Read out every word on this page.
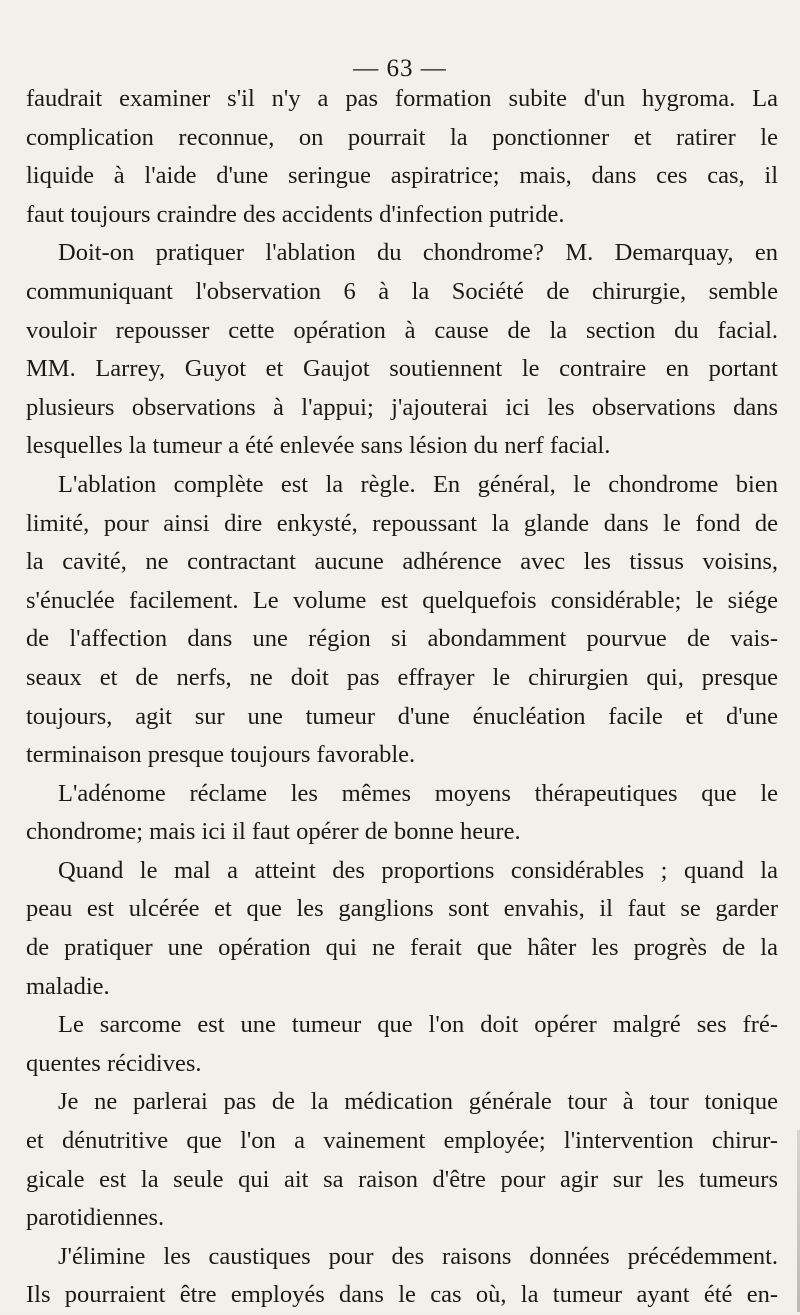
— 63 —
faudrait examiner s'il n'y a pas formation subite d'un hygroma. La
complication reconnue, on pourrait la ponctionner et ratirer le
liquide à l'aide d'une seringue aspiratrice; mais, dans ces cas, il
faut toujours craindre des accidents d'infection putride.
Doit-on pratiquer l'ablation du chondrome? M. Demarquay, en
communiquant l'observation 6 à la Société de chirurgie, semble
vouloir repousser cette opération à cause de la section du facial.
MM. Larrey, Guyot et Gaujot soutiennent le contraire en portant
plusieurs observations à l'appui; j'ajouterai ici les observations dans
lesquelles la tumeur a été enlevée sans lésion du nerf facial.
L'ablation complète est la règle. En général, le chondrome bien
limité, pour ainsi dire enkysté, repoussant la glande dans le fond de
la cavité, ne contractant aucune adhérence avec les tissus voisins,
s'énuclée facilement. Le volume est quelquefois considérable; le siége
de l'affection dans une région si abondamment pourvue de vais-
seaux et de nerfs, ne doit pas effrayer le chirurgien qui, presque
toujours, agit sur une tumeur d'une énucléation facile et d'une
terminaison presque toujours favorable.
L'adénome réclame les mêmes moyens thérapeutiques que le
chondrome; mais ici il faut opérer de bonne heure.
Quand le mal a atteint des proportions considérables ; quand la
peau est ulcérée et que les ganglions sont envahis, il faut se garder
de pratiquer une opération qui ne ferait que hâter les progrès de la
maladie.
Le sarcome est une tumeur que l'on doit opérer malgré ses fré-
quentes récidives.
Je ne parlerai pas de la médication générale tour à tour tonique
et dénutritive que l'on a vainement employée; l'intervention chirur-
gicale est la seule qui ait sa raison d'être pour agir sur les tumeurs
parotidiennes.
J'élimine les caustiques pour des raisons données précédemment.
Ils pourraient être employés dans le cas où, la tumeur ayant été en-
